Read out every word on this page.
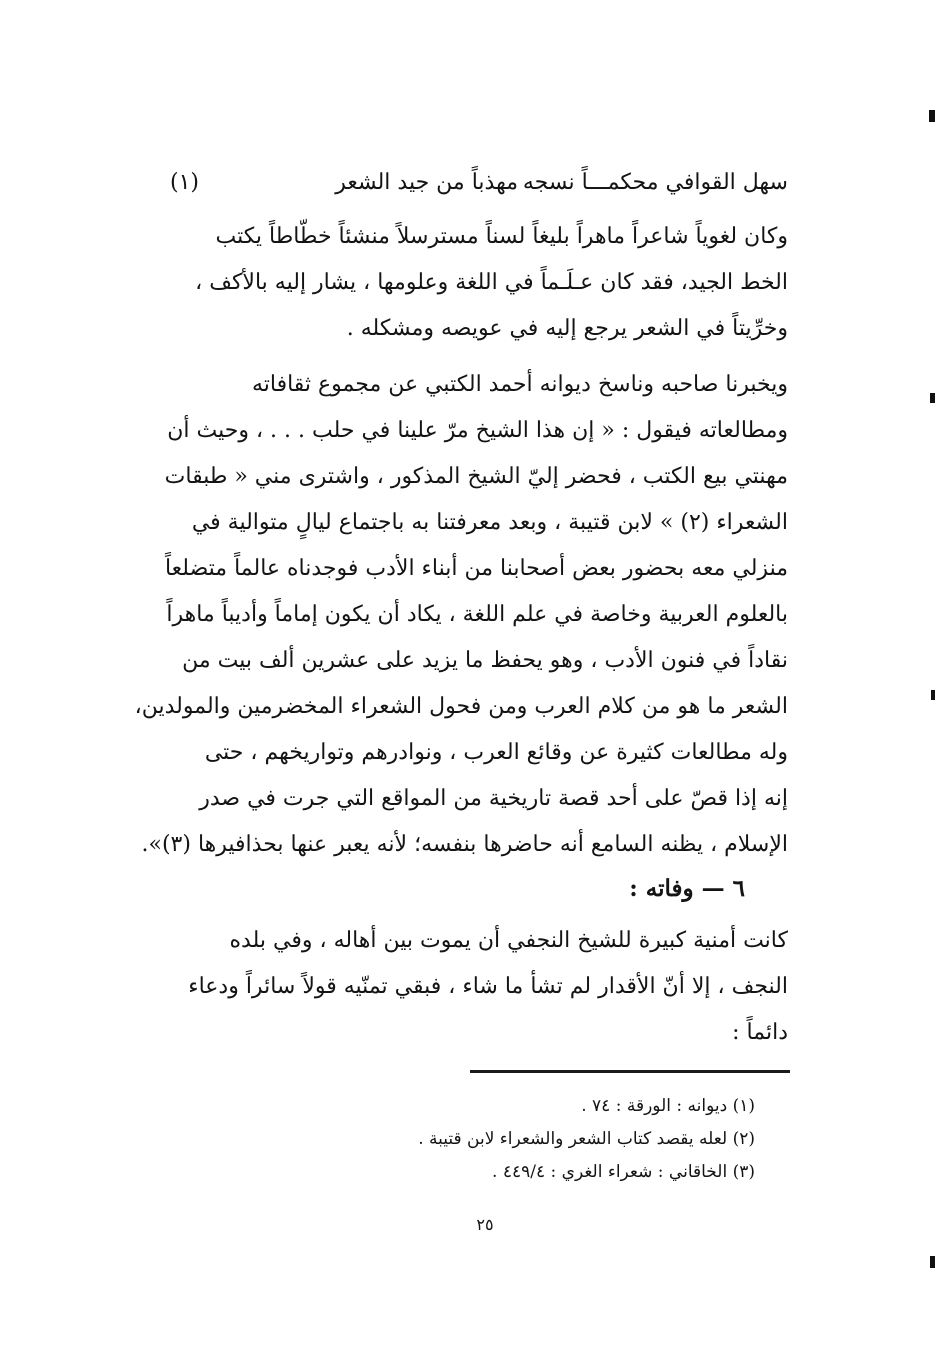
سهل القوافي محكمـــاً نسجه
مهذباً من جيد الشعر
(١)
وكان لغوياً شاعراً ماهراً بليغاً لسناً مسترسلاً منشئاً خطّاطاً يكتب
الخط الجيد، فقد كان عـلَـماً في اللغة وعلومها ، يشار إليه بالأكف ،
وخرِّيتاً في الشعر يرجع إليه في عويصه ومشكله .
ويخبرنا صاحبه وناسخ ديوانه أحمد الكتبي عن مجموع ثقافاته
ومطالعاته فيقول : « إن هذا الشيخ مرّ علينا في حلب . . . ، وحيث أن
مهنتي بيع الكتب ، فحضر إليّ الشيخ المذكور ، واشترى مني « طبقات
الشعراء (٢) » لابن قتيبة ، وبعد معرفتنا به باجتماع ليالٍ متوالية في
منزلي معه بحضور بعض أصحابنا من أبناء الأدب فوجدناه عالماً متضلعاً
بالعلوم العربية وخاصة في علم اللغة ، يكاد أن يكون إماماً وأديباً ماهراً
نقاداً في فنون الأدب ، وهو يحفظ ما يزيد على عشرين ألف بيت من
الشعر ما هو من كلام العرب ومن فحول الشعراء المخضرمين والمولدين،
وله مطالعات كثيرة عن وقائع العرب ، ونوادرهم وتواريخهم ، حتى
إنه إذا قصّ على أحد قصة تاريخية من المواقع التي جرت في صدر
الإسلام ، يظنه السامع أنه حاضرها بنفسه؛ لأنه يعبر عنها بحذافيرها (٣)».
٦ — وفاته :
كانت أمنية كبيرة للشيخ النجفي أن يموت بين أهاله ، وفي بلده
النجف ، إلا أنّ الأقدار لم تشأ ما شاء ، فبقي تمنّيه قولاً سائراً ودعاء
دائماً :
(١) ديوانه : الورقة : ٧٤ .
(٢) لعله يقصد كتاب الشعر والشعراء لابن قتيبة .
(٣) الخاقاني : شعراء الغري : ٤٤٩/٤ .
٢٥
